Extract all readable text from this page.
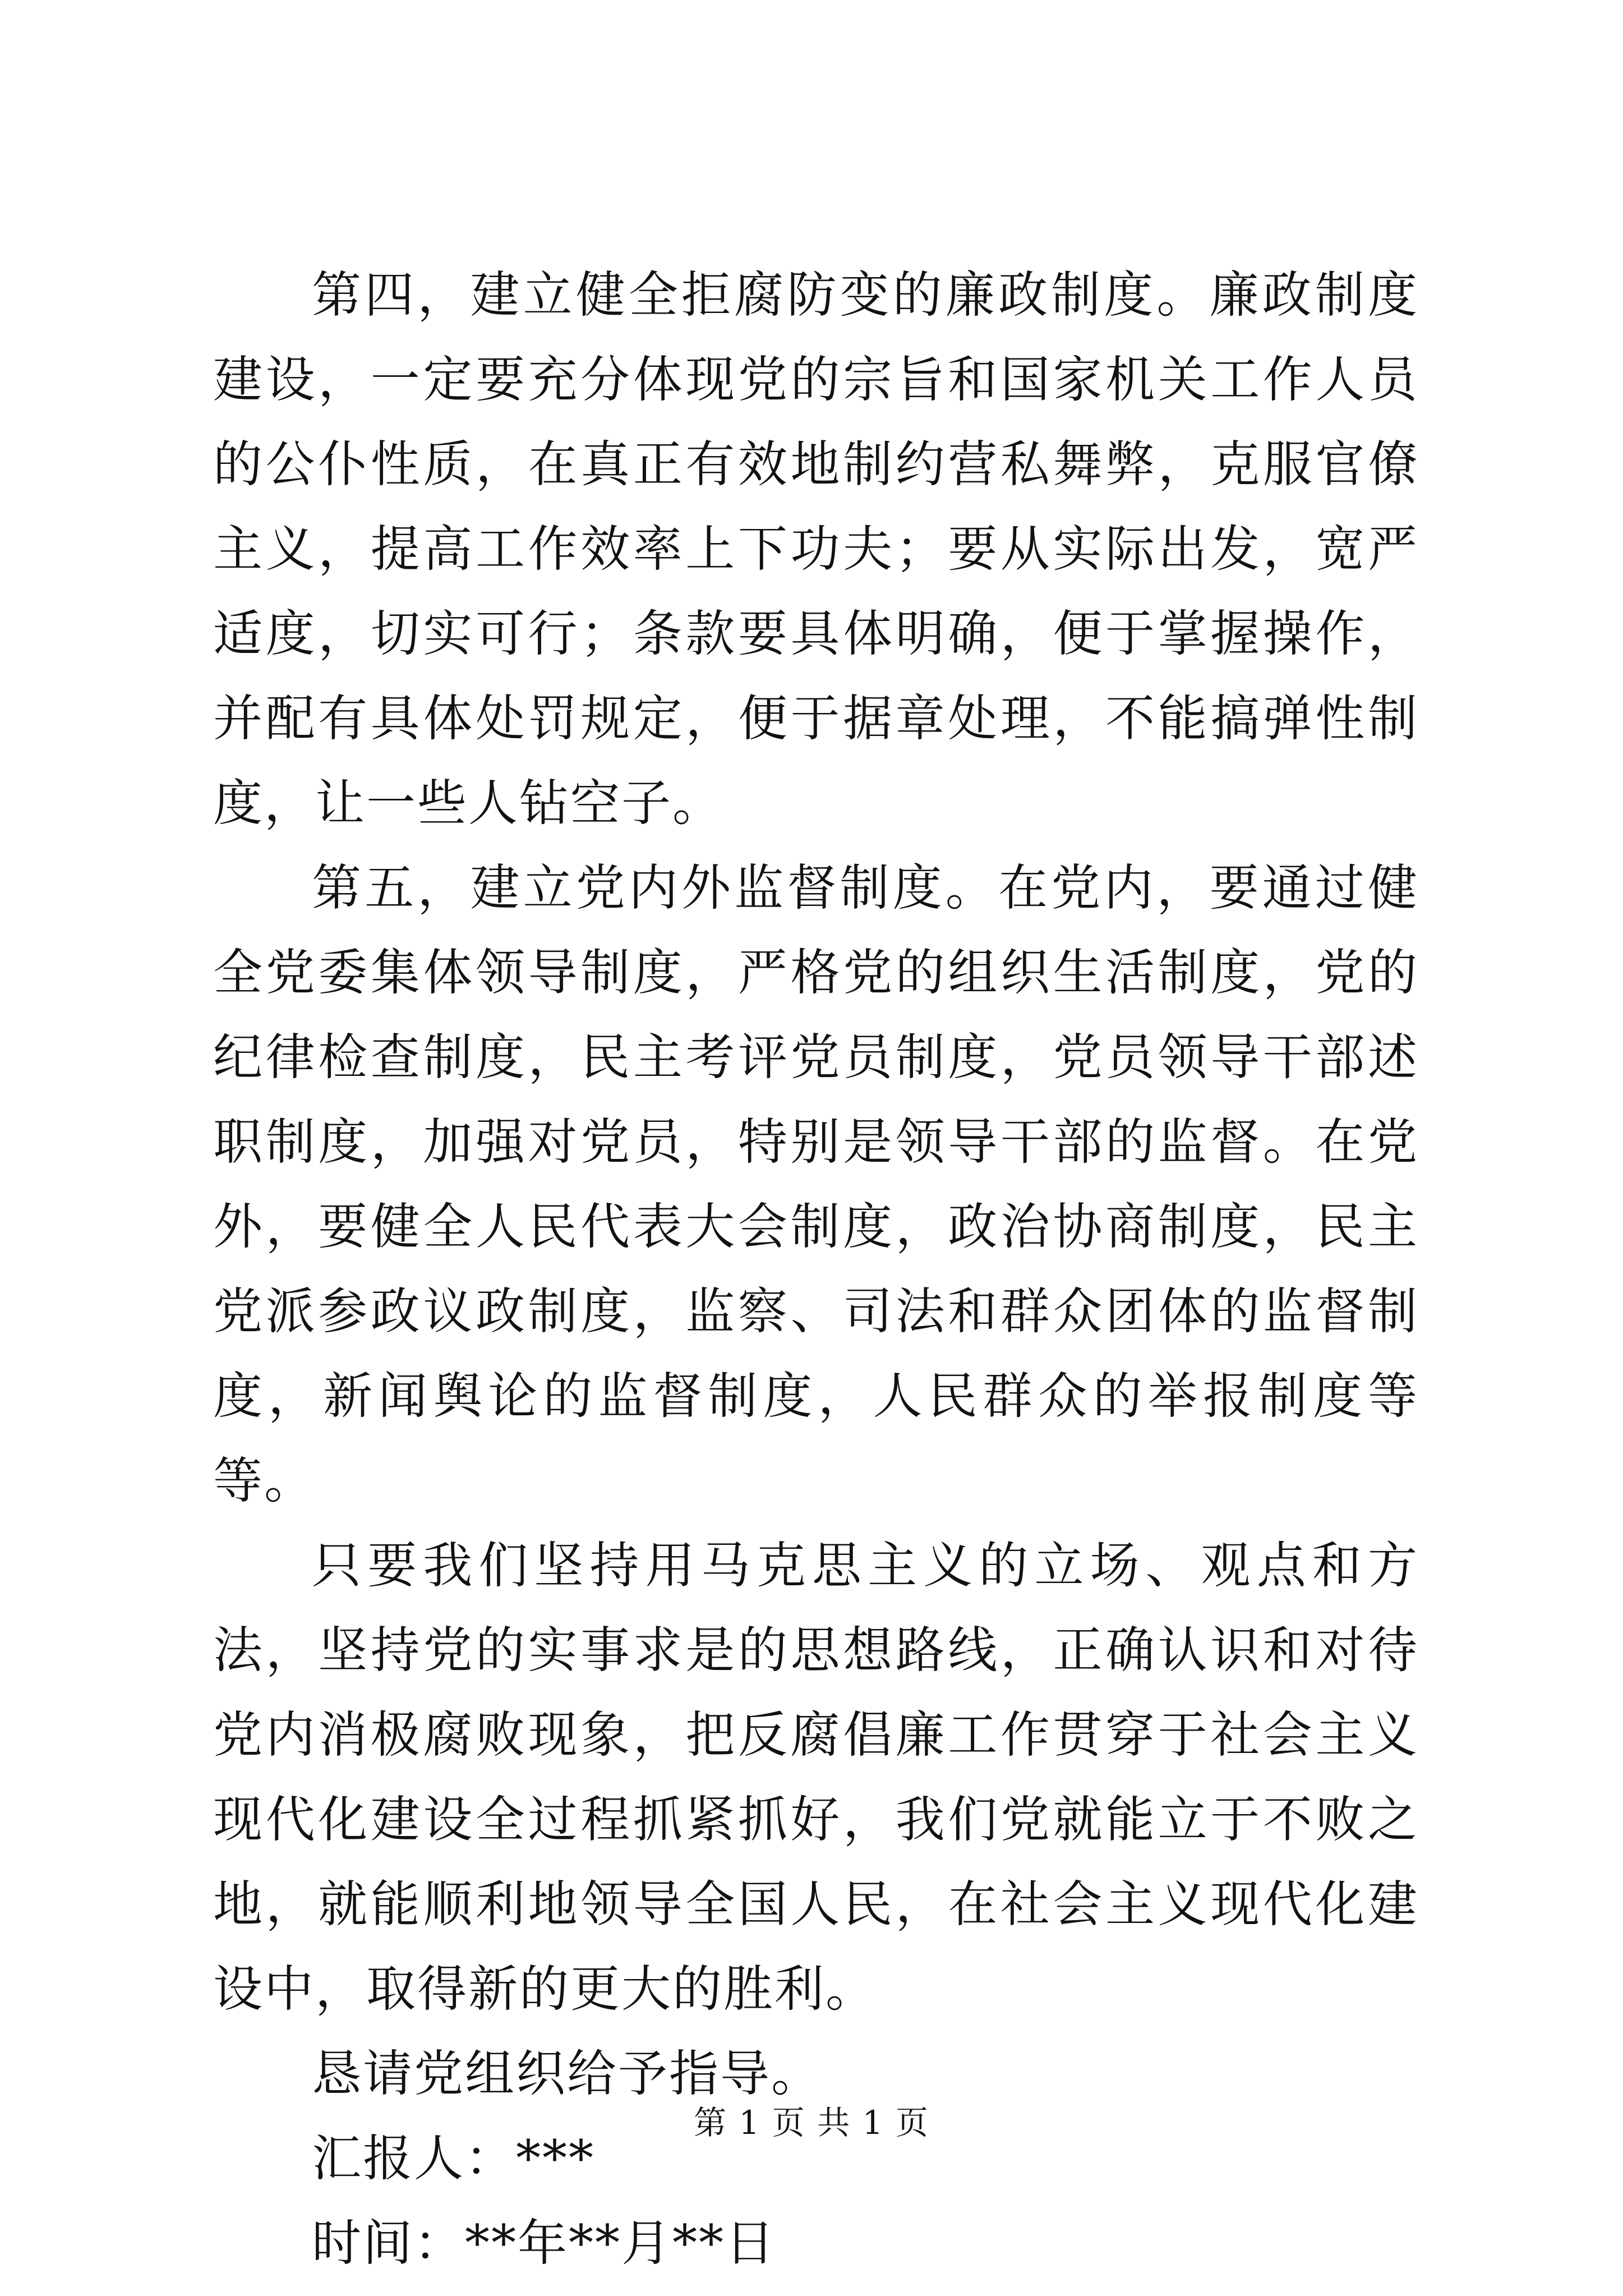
第四，建立健全拒腐防变的廉政制度。廉政制度建设，一定要充分体现党的宗旨和国家机关工作人员的公仆性质，在真正有效地制约营私舞弊，克服官僚主义，提高工作效率上下功夫；要从实际出发，宽严适度，切实可行；条款要具体明确，便于掌握操作，并配有具体处罚规定，便于据章处理，不能搞弹性制度，让一些人钻空子。

第五，建立党内外监督制度。在党内，要通过健全党委集体领导制度，严格党的组织生活制度，党的纪律检查制度，民主考评党员制度，党员领导干部述职制度，加强对党员，特别是领导干部的监督。在党外，要健全人民代表大会制度，政治协商制度，民主党派参政议政制度，监察、司法和群众团体的监督制度，新闻舆论的监督制度，人民群众的举报制度等等。

只要我们坚持用马克思主义的立场、观点和方法，坚持党的实事求是的思想路线，正确认识和对待党内消极腐败现象，把反腐倡廉工作贯穿于社会主义现代化建设全过程抓紧抓好，我们党就能立于不败之地，就能顺利地领导全国人民，在社会主义现代化建设中，取得新的更大的胜利。

恳请党组织给予指导。

汇报人：***

时间：**年**月**日

第 1 页 共 1 页
